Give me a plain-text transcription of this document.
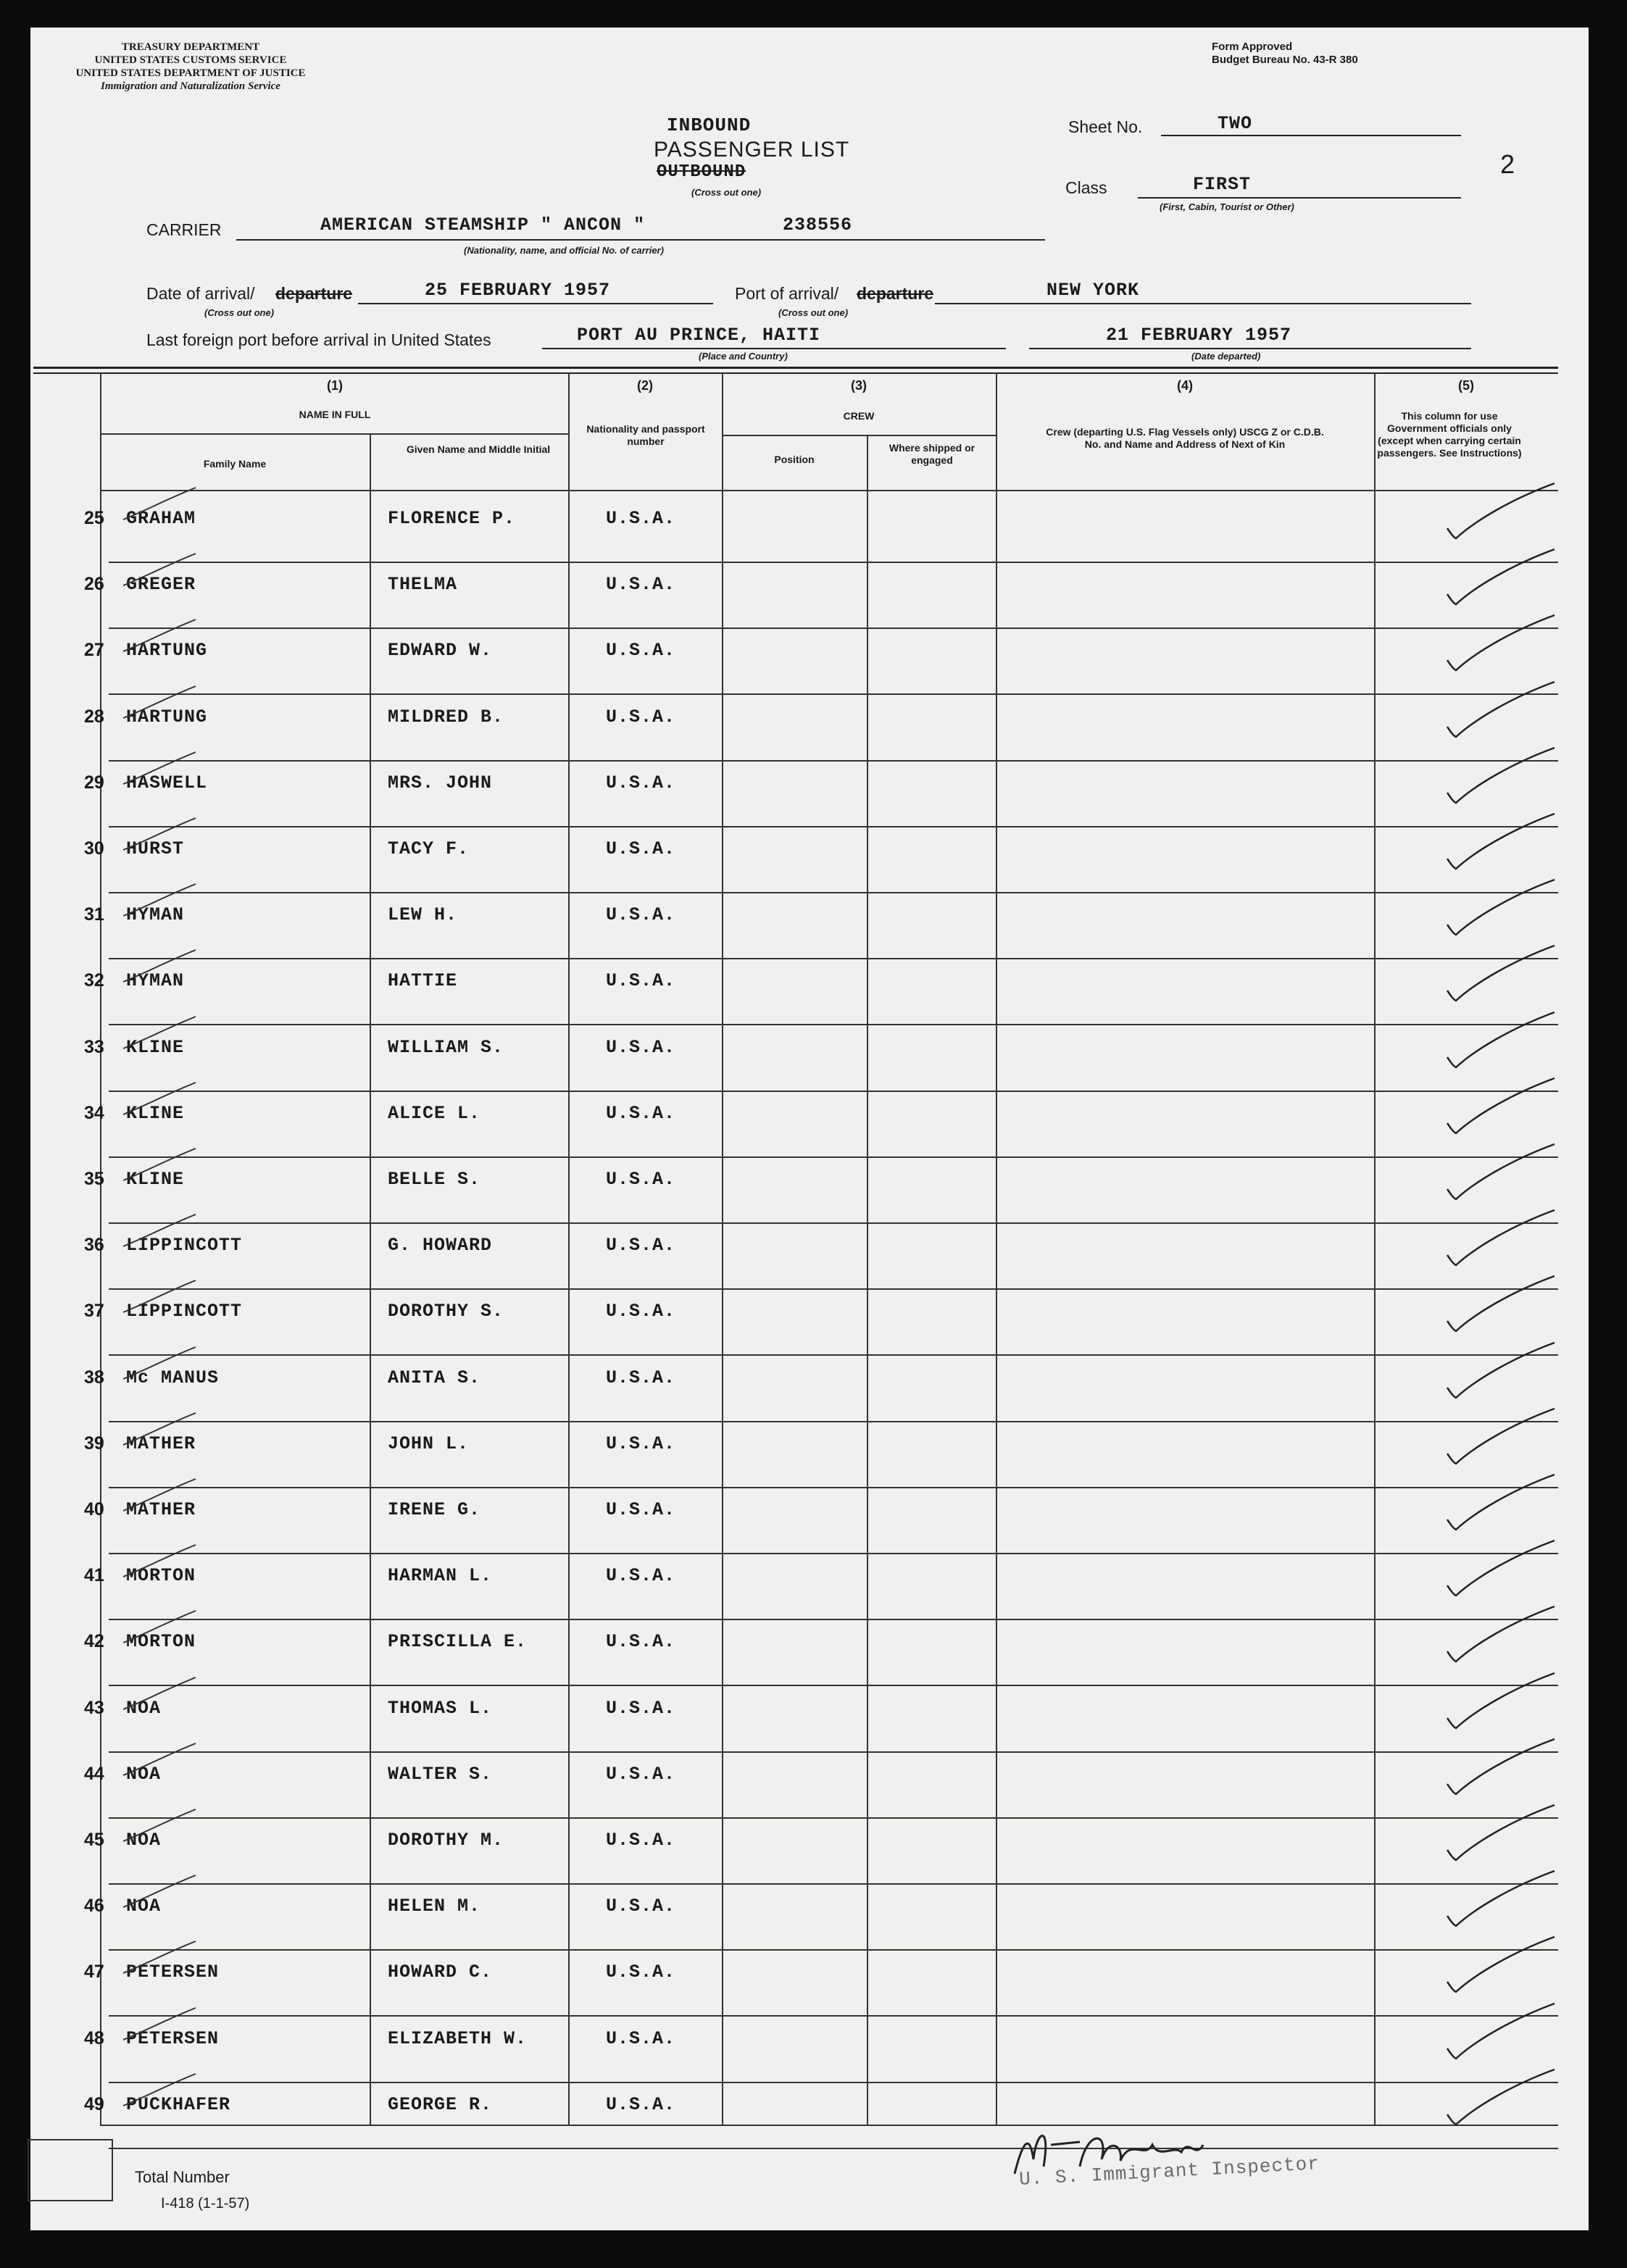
TREASURY DEPARTMENT
UNITED STATES CUSTOMS SERVICE
UNITED STATES DEPARTMENT OF JUSTICE
Immigration and Naturalization Service
Form Approved
Budget Bureau No. 43-R 380
INBOUND
PASSENGER LIST
OUTBOUND
(Cross out one)
Sheet No.	TWO
2
Class	FIRST
(First, Cabin, Tourist or Other)
CARRIER	AMERICAN STEAMSHIP " ANCON "	238556
(Nationality, name, and official No. of carrier)
Date of arrival/ departure	25 FEBRUARY 1957
(Cross out one)
Port of arrival/ departure	NEW YORK
(Cross out one)
Last foreign port before arrival in United States	PORT AU PRINCE, HAITI
(Place and Country)
21 FEBRUARY 1957
(Date departed)
(1)
NAME IN FULL
Family Name
Given Name and Middle Initial
(2)
Nationality and passport number
(3)
CREW
Position
Where shipped or engaged
(4)
Crew (departing U.S. Flag Vessels only) USCG Z or C.D.B. No. and Name and Address of Next of Kin
(5)
This column for use Government officials only (except when carrying certain passengers. See Instructions)
25 GRAHAM	FLORENCE P.	U.S.A.
26 GREGER	THELMA	U.S.A.
27 HARTUNG	EDWARD W.	U.S.A.
28 HARTUNG	MILDRED B.	U.S.A.
29 HASWELL	MRS. JOHN	U.S.A.
30 HURST	TACY F.	U.S.A.
31 HYMAN	LEW H.	U.S.A.
32 HYMAN	HATTIE	U.S.A.
33 KLINE	WILLIAM S.	U.S.A.
34 KLINE	ALICE L.	U.S.A.
35 KLINE	BELLE S.	U.S.A.
36 LIPPINCOTT	G. HOWARD	U.S.A.
37 LIPPINCOTT	DOROTHY S.	U.S.A.
38 Mc MANUS	ANITA S.	U.S.A.
39 MATHER	JOHN L.	U.S.A.
40 MATHER	IRENE G.	U.S.A.
41 MORTON	HARMAN L.	U.S.A.
42 MORTON	PRISCILLA E.	U.S.A.
43 NOA	THOMAS L.	U.S.A.
44 NOA	WALTER S.	U.S.A.
45 NOA	DOROTHY M.	U.S.A.
46 NOA	HELEN M.	U.S.A.
47 PETERSEN	HOWARD C.	U.S.A.
48 PETERSEN	ELIZABETH W.	U.S.A.
49 PUCKHAFER	GEORGE R.	U.S.A.
Total Number
I-418 (1-1-57)
U. S. Immigrant Inspector
